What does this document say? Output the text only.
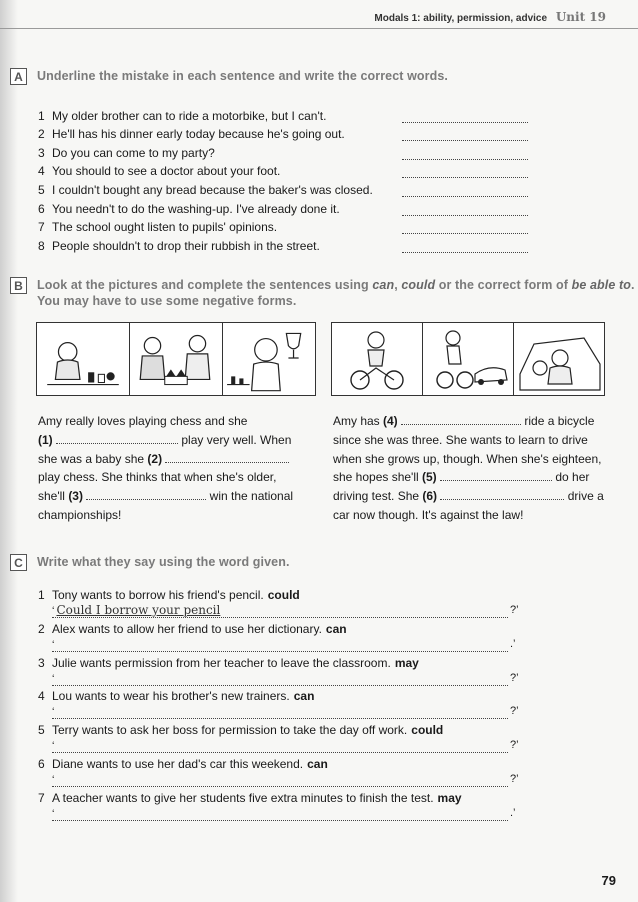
Modals 1: ability, permission, advice Unit 19
A	Underline the mistake in each sentence and write the correct words.
1 My older brother can to ride a motorbike, but I can't.
2 He'll has his dinner early today because he's going out.
3 Do you can come to my party?
4 You should to see a doctor about your foot.
5 I couldn't bought any bread because the baker's was closed.
6 You needn't to do the washing-up. I've already done it.
7 The school ought listen to pupils' opinions.
8 People shouldn't to drop their rubbish in the street.
B	Look at the pictures and complete the sentences using can, could or the correct form of be able to. You may have to use some negative forms.
Amy really loves playing chess and she
(1)	play very well. When
she was a baby she (2)
play chess. She thinks that when she's older,
she'll (3)	win the national
championships!
Amy has (4)	ride a bicycle
since she was three. She wants to learn to drive
when she grows up, though. When she's eighteen,
she hopes she'll (5)	do her
driving test. She (6)	drive a
car now though. It's against the law!
C	Write what they say using the word given.
1 Tony wants to borrow his friend's pencil. could
‘ Could I borrow your pencil	?’
2 Alex wants to allow her friend to use her dictionary. can
‘	.’
3 Julie wants permission from her teacher to leave the classroom. may
‘	?’
4 Lou wants to wear his brother's new trainers. can
‘	?’
5 Terry wants to ask her boss for permission to take the day off work. could
‘	?’
6 Diane wants to use her dad's car this weekend. can
‘	?’
7 A teacher wants to give her students five extra minutes to finish the test. may
‘	.’
79
